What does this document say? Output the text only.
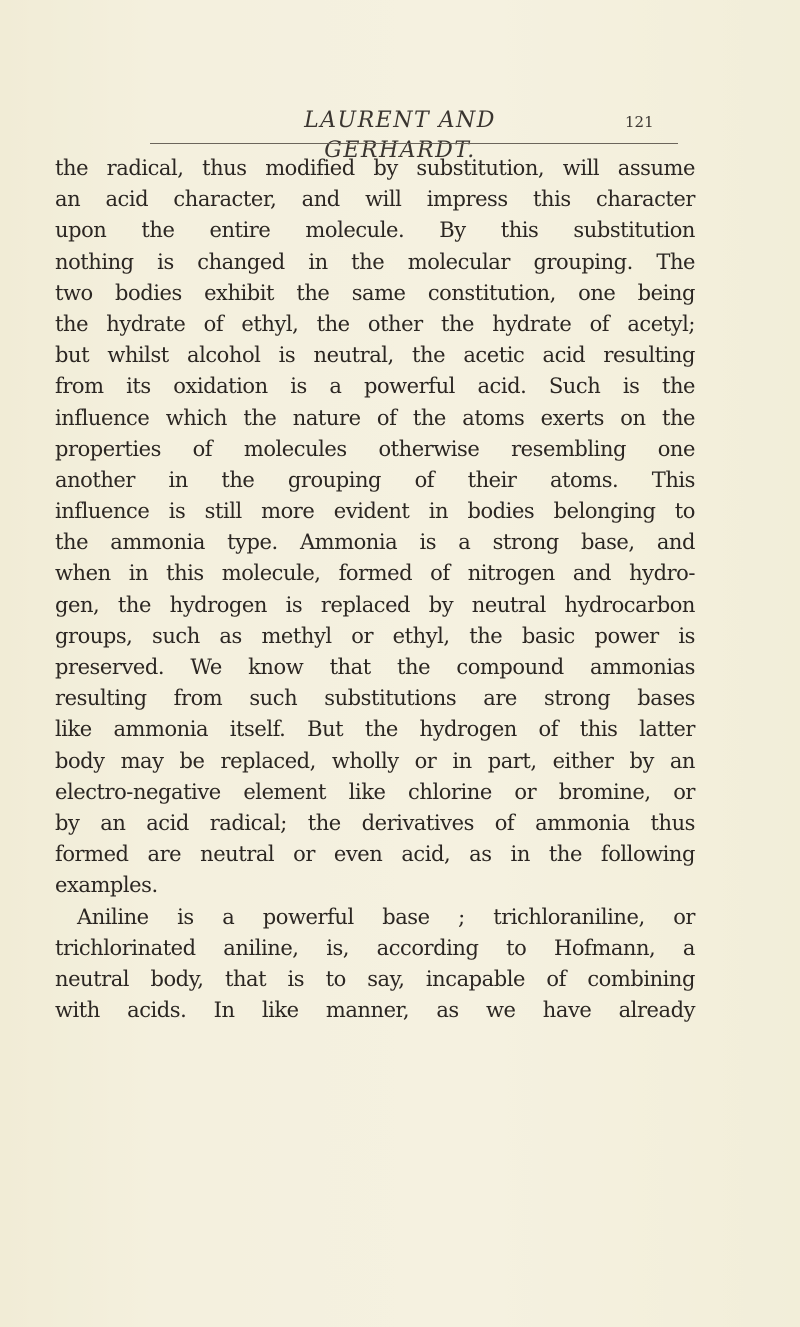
LAURENT AND GERHARDT.
121
the radical, thus modified by substitution, will assume
an acid character, and will impress this character
upon the entire molecule. By this substitution
nothing is changed in the molecular grouping. The
two bodies exhibit the same constitution, one being
the hydrate of ethyl, the other the hydrate of acetyl;
but whilst alcohol is neutral, the acetic acid resulting
from its oxidation is a powerful acid. Such is the
influence which the nature of the atoms exerts on the
properties of molecules otherwise resembling one
another in the grouping of their atoms. This
influence is still more evident in bodies belonging to
the ammonia type. Ammonia is a strong base, and
when in this molecule, formed of nitrogen and hydro-
gen, the hydrogen is replaced by neutral hydrocarbon
groups, such as methyl or ethyl, the basic power is
preserved. We know that the compound ammonias
resulting from such substitutions are strong bases
like ammonia itself. But the hydrogen of this latter
body may be replaced, wholly or in part, either by an
electro-negative element like chlorine or bromine, or
by an acid radical; the derivatives of ammonia thus
formed are neutral or even acid, as in the following
examples.
Aniline is a powerful base ; trichloraniline, or
trichlorinated aniline, is, according to Hofmann, a
neutral body, that is to say, incapable of combining
with acids. In like manner, as we have already
